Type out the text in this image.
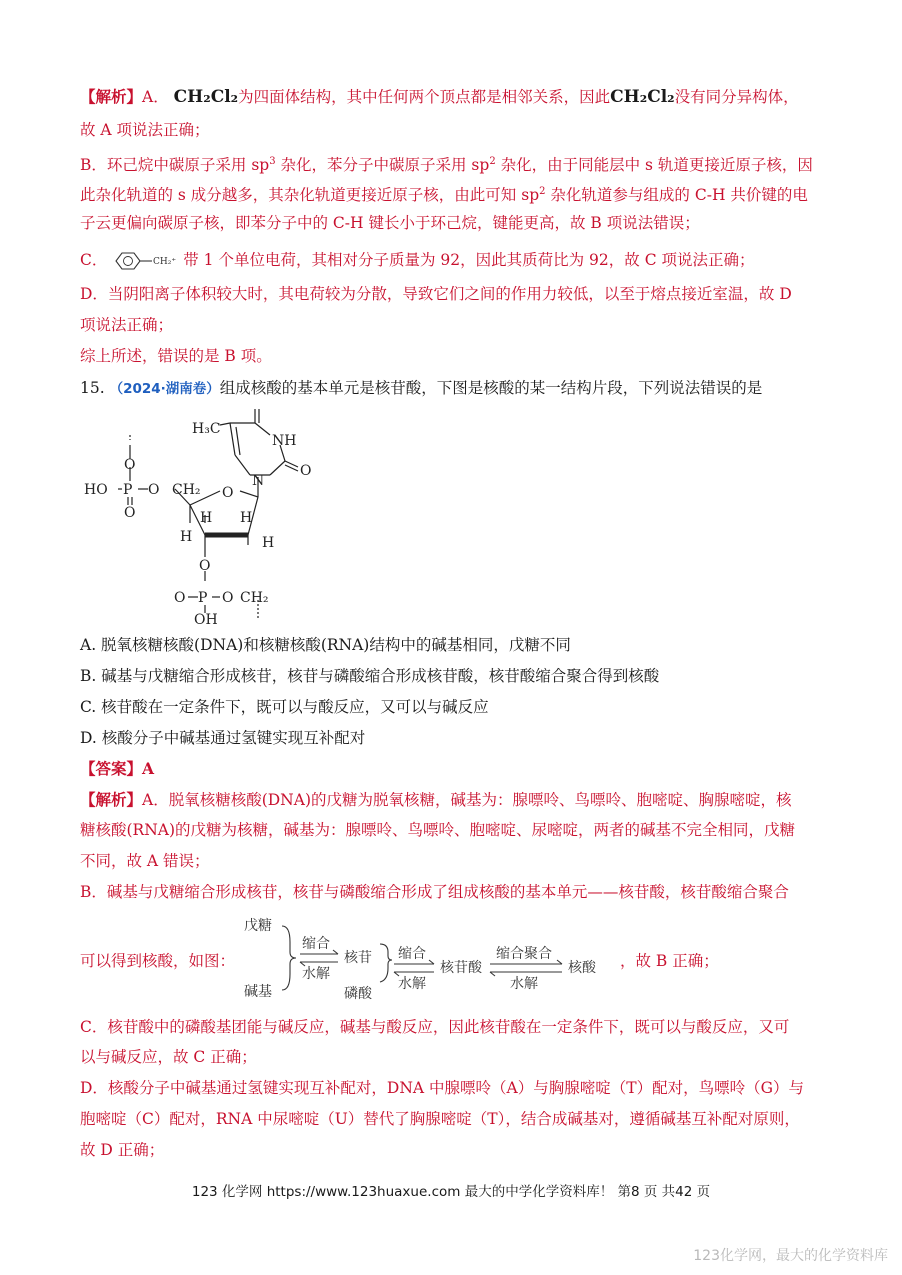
【解析】A． CH₂Cl₂为四面体结构，其中任何两个顶点都是相邻关系，因此CH₂Cl₂没有同分异构体，
故 A 项说法正确；
B．环己烷中碳原子采用 $sp^3$ 杂化，苯分子中碳原子采用 $sp^2$ 杂化，由于同能层中 s 轨道更接近原子核，因
此杂化轨道的 s 成分越多，其杂化轨道更接近原子核，由此可知 $sp^2$ 杂化轨道参与组成的 C-H 共价键的电
子云更偏向碳原子核，即苯分子中的 C-H 键长小于环己烷，键能更高，故 B 项说法错误；
C．	CH₂⁺ 带 1 个单位电荷，其相对分子质量为 92，因此其质荷比为 92，故 C 项说法正确；
D．当阴阳离子体积较大时，其电荷较为分散，导致它们之间的作用力较低，以至于熔点接近室温，故 D
项说法正确；
综上所述，错误的是 B 项。
15. （2024·湖南卷）组成核酸的基本单元是核苷酸，下图是核酸的某一结构片段，下列说法错误的是
H₃C
NH
N
O
HO P
O
O
O
CH₂ O
H
H
H
H
O
O P O CH₂
OH
A. 脱氧核糖核酸(DNA)和核糖核酸(RNA)结构中的碱基相同，戊糖不同
B. 碱基与戊糖缩合形成核苷，核苷与磷酸缩合形成核苷酸，核苷酸缩合聚合得到核酸
C. 核苷酸在一定条件下，既可以与酸反应，又可以与碱反应
D. 核酸分子中碱基通过氢键实现互补配对
【答案】A
【解析】A．脱氧核糖核酸(DNA)的戊糖为脱氧核糖，碱基为：腺嘌呤、鸟嘌呤、胞嘧啶、胸腺嘧啶，核
糖核酸(RNA)的戊糖为核糖，碱基为：腺嘌呤、鸟嘌呤、胞嘧啶、尿嘧啶，两者的碱基不完全相同，戊糖
不同，故 A 错误；
B．碱基与戊糖缩合形成核苷，核苷与磷酸缩合形成了组成核酸的基本单元——核苷酸，核苷酸缩合聚合
可以得到核酸，如图：	，故 B 正确；
戊糖
碱基
缩合
水解
核苷
磷酸
缩合
水解
核苷酸
缩合聚合
水解
核酸
C．核苷酸中的磷酸基团能与碱反应，碱基与酸反应，因此核苷酸在一定条件下，既可以与酸反应，又可
以与碱反应，故 C 正确；
D．核酸分子中碱基通过氢键实现互补配对，DNA 中腺嘌呤（A）与胸腺嘧啶（T）配对，鸟嘌呤（G）与
胞嘧啶（C）配对，RNA 中尿嘧啶（U）替代了胸腺嘧啶（T），结合成碱基对，遵循碱基互补配对原则，
故 D 正确；
123 化学网 https://www.123huaxue.com 最大的中学化学资料库！ 第8 页 共42 页
123化学网，最大的化学资料库
